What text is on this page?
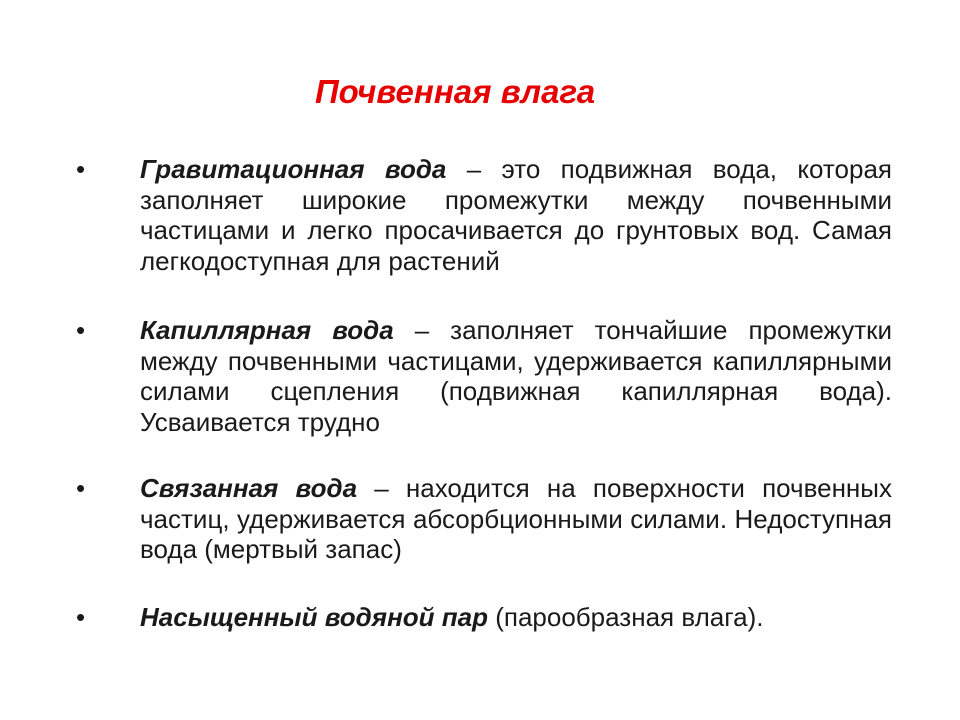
Почвенная влага
• Гравитационная вода – это подвижная вода, которая заполняет широкие промежутки между почвенными частицами и легко просачивается до грунтовых вод. Самая легкодоступная для растений
• Капиллярная вода – заполняет тончайшие промежутки между почвенными частицами, удерживается капиллярными силами сцепления (подвижная капиллярная вода). Усваивается трудно
• Связанная вода – находится на поверхности почвенных частиц, удерживается абсорбционными силами. Недоступная вода (мертвый запас)
• Насыщенный водяной пар (парообразная влага).
